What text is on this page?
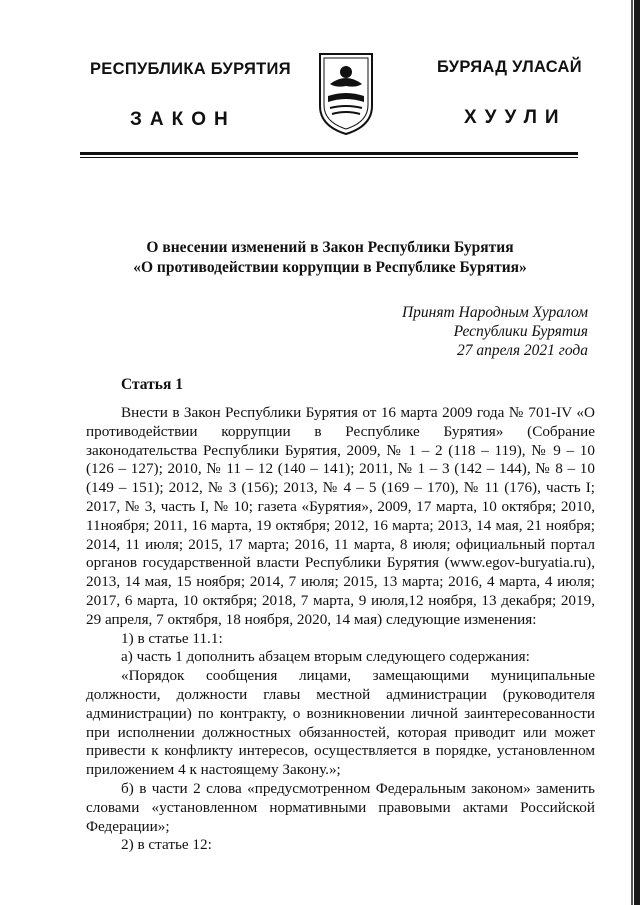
РЕСПУБЛИКА БУРЯТИЯ	БУРЯАД УЛАСАЙ
ЗАКОН	ХУУЛИ
О внесении изменений в Закон Республики Бурятия
«О противодействии коррупции в Республике Бурятия»
Принят Народным Хуралом
Республики Бурятия
27 апреля 2021 года
Статья 1

Внести в Закон Республики Бурятия от 16 марта 2009 года № 701-IV «О противодействии коррупции в Республике Бурятия» (Собрание законодательства Республики Бурятия, 2009, № 1 – 2 (118 – 119), № 9 – 10 (126 – 127); 2010, № 11 – 12 (140 – 141); 2011, № 1 – 3 (142 – 144), № 8 – 10 (149 – 151); 2012, № 3 (156); 2013, № 4 – 5 (169 – 170), № 11 (176), часть I; 2017, № 3, часть I, № 10; газета «Бурятия», 2009, 17 марта, 10 октября; 2010, 11ноября; 2011, 16 марта, 19 октября; 2012, 16 марта; 2013, 14 мая, 21 ноября; 2014, 11 июля; 2015, 17 марта; 2016, 11 марта, 8 июля; официальный портал органов государственной власти Республики Бурятия (www.egov-buryatia.ru), 2013, 14 мая, 15 ноября; 2014, 7 июля; 2015, 13 марта; 2016, 4 марта, 4 июля; 2017, 6 марта, 10 октября; 2018, 7 марта, 9 июля,12 ноября, 13 декабря; 2019, 29 апреля, 7 октября, 18 ноября, 2020, 14 мая) следующие изменения:

1) в статье 11.1:

а) часть 1 дополнить абзацем вторым следующего содержания:

«Порядок сообщения лицами, замещающими муниципальные должности, должности главы местной администрации (руководителя администрации) по контракту, о возникновении личной заинтересованности при исполнении должностных обязанностей, которая приводит или может привести к конфликту интересов, осуществляется в порядке, установленном приложением 4 к настоящему Закону.»;

б) в части 2 слова «предусмотренном Федеральным законом» заменить словами «установленном нормативными правовыми актами Российской Федерации»;

2) в статье 12:
